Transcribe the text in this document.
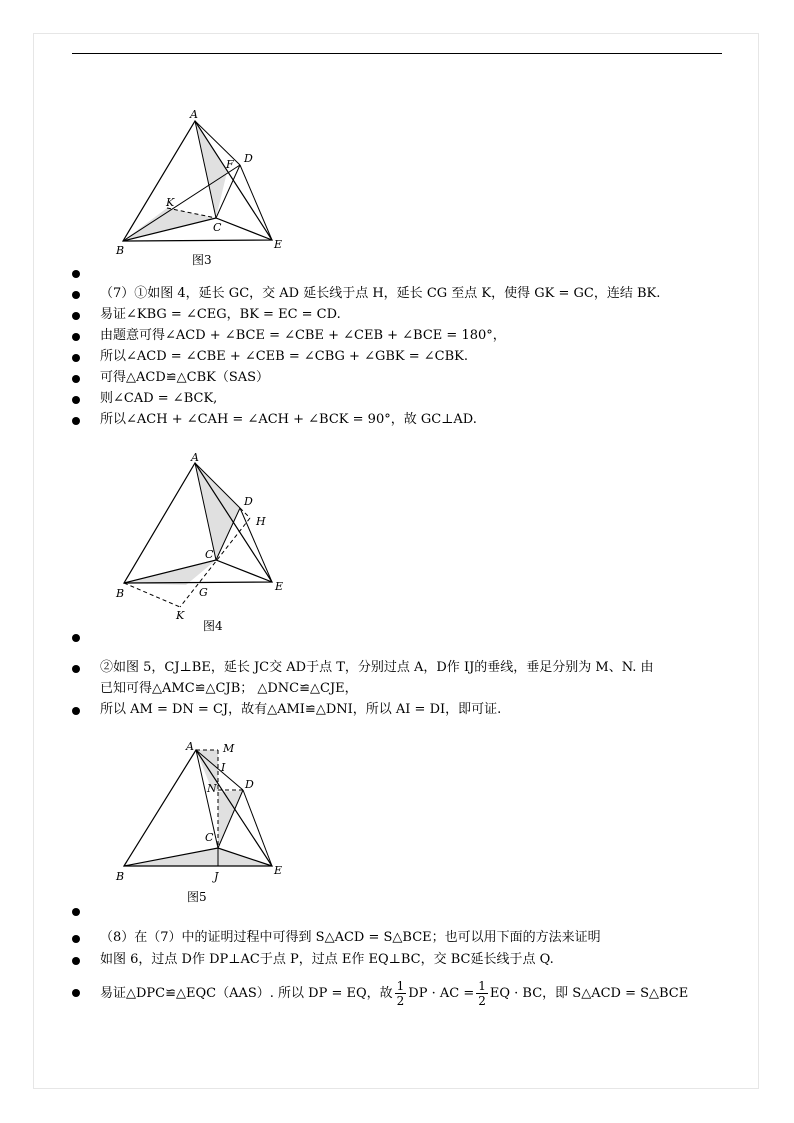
A
F D
K
C
B	E
图3
（7）①如图 4，延长 GC，交 AD 延长线于点 H，延长 CG 至点 K，使得 GK = GC，连结 BK.
易证∠KBG = ∠CEG，BK = EC = CD.
由题意可得∠ACD + ∠BCE = ∠CBE + ∠CEB + ∠BCE = 180°，
所以∠ACD = ∠CBE + ∠CEB = ∠CBG + ∠GBK = ∠CBK.
可得△ACD≌△CBK（SAS）
则∠CAD = ∠BCK,
所以∠ACH + ∠CAH = ∠ACH + ∠BCK = 90°，故 GC⊥AD.
A
D
H
C
G
B
E
K
图4
②如图 5，CJ⊥BE，延长 JC交 AD于点 T，分别过点 A，D作 IJ的垂线，垂足分别为 M、N. 由
已知可得△AMC≌△CJB； △DNC≌△CJE，
所以 AM = DN = CJ，故有△AMI≌△DNI，所以 AI = DI，即可证.
A	M
I
D
N
C
B	J	E
图5
（8）在（7）中的证明过程中可得到 S△ACD = S△BCE；也可以用下面的方法来证明
如图 6，过点 D作 DP⊥AC于点 P，过点 E作 EQ⊥BC，交 BC延长线于点 Q.
易证△DPC≌△EQC（AAS）. 所以 DP = EQ，故 $\frac{1}{2}$ DP · AC = $\frac{1}{2}$ EQ · BC，即 S△ACD = S△BCE
